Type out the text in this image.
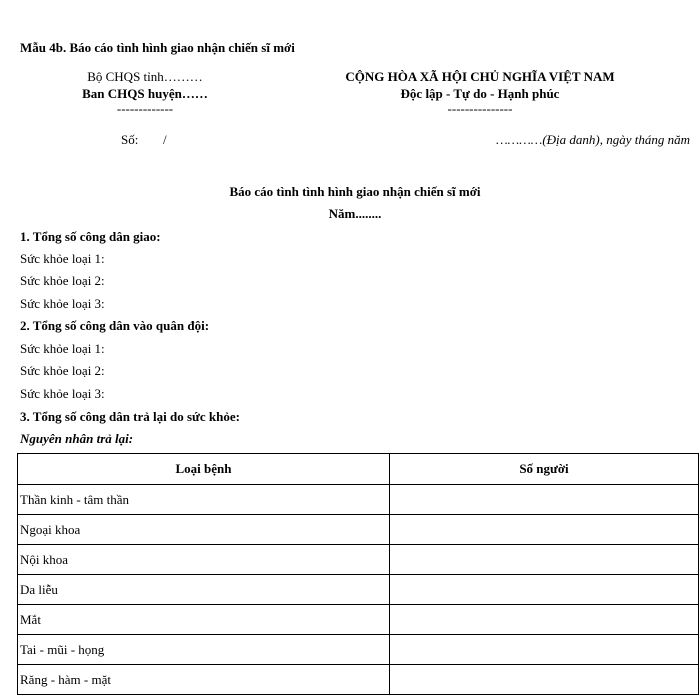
Mẫu 4b. Báo cáo tình hình giao nhận chiến sĩ mới
Bộ CHQS tỉnh………
Ban CHQS huyện……
-------------
CỘNG HÒA XÃ HỘI CHỦ NGHĨA VIỆT NAM
Độc lập - Tự do - Hạnh phúc
---------------
Số: /	…………(Địa danh), ngày tháng năm
Báo cáo tình tình hình giao nhận chiến sĩ mới
Năm........
1. Tổng số công dân giao:
Sức khỏe loại 1:
Sức khỏe loại 2:
Sức khỏe loại 3:
2. Tổng số công dân vào quân đội:
Sức khỏe loại 1:
Sức khỏe loại 2:
Sức khỏe loại 3:
3. Tổng số công dân trả lại do sức khỏe:
Nguyên nhân trả lại:
Loại bệnh	Số người
Thần kinh - tâm thần	
Ngoại khoa	
Nội khoa	
Da liễu	
Mắt	
Tai - mũi - họng	
Răng - hàm - mặt	
